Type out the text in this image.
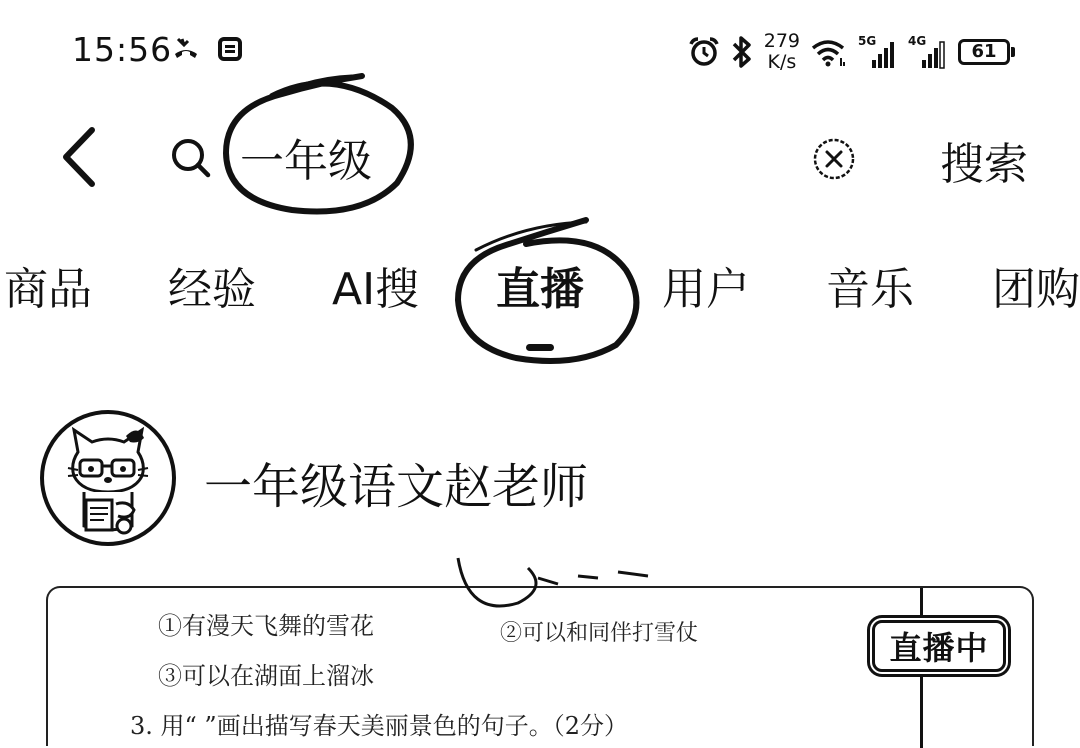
15:56	279
K/s
5G	4G	61
一年级
搜索
商品 经验 AI搜 直播 用户 音乐 团购
一年级语文赵老师
①有漫天飞舞的雪花	②可以和同伴打雪仗
③可以在湖面上溜冰
3. 用“ ”画出描写春天美丽景色的句子。（2分）
直播中
